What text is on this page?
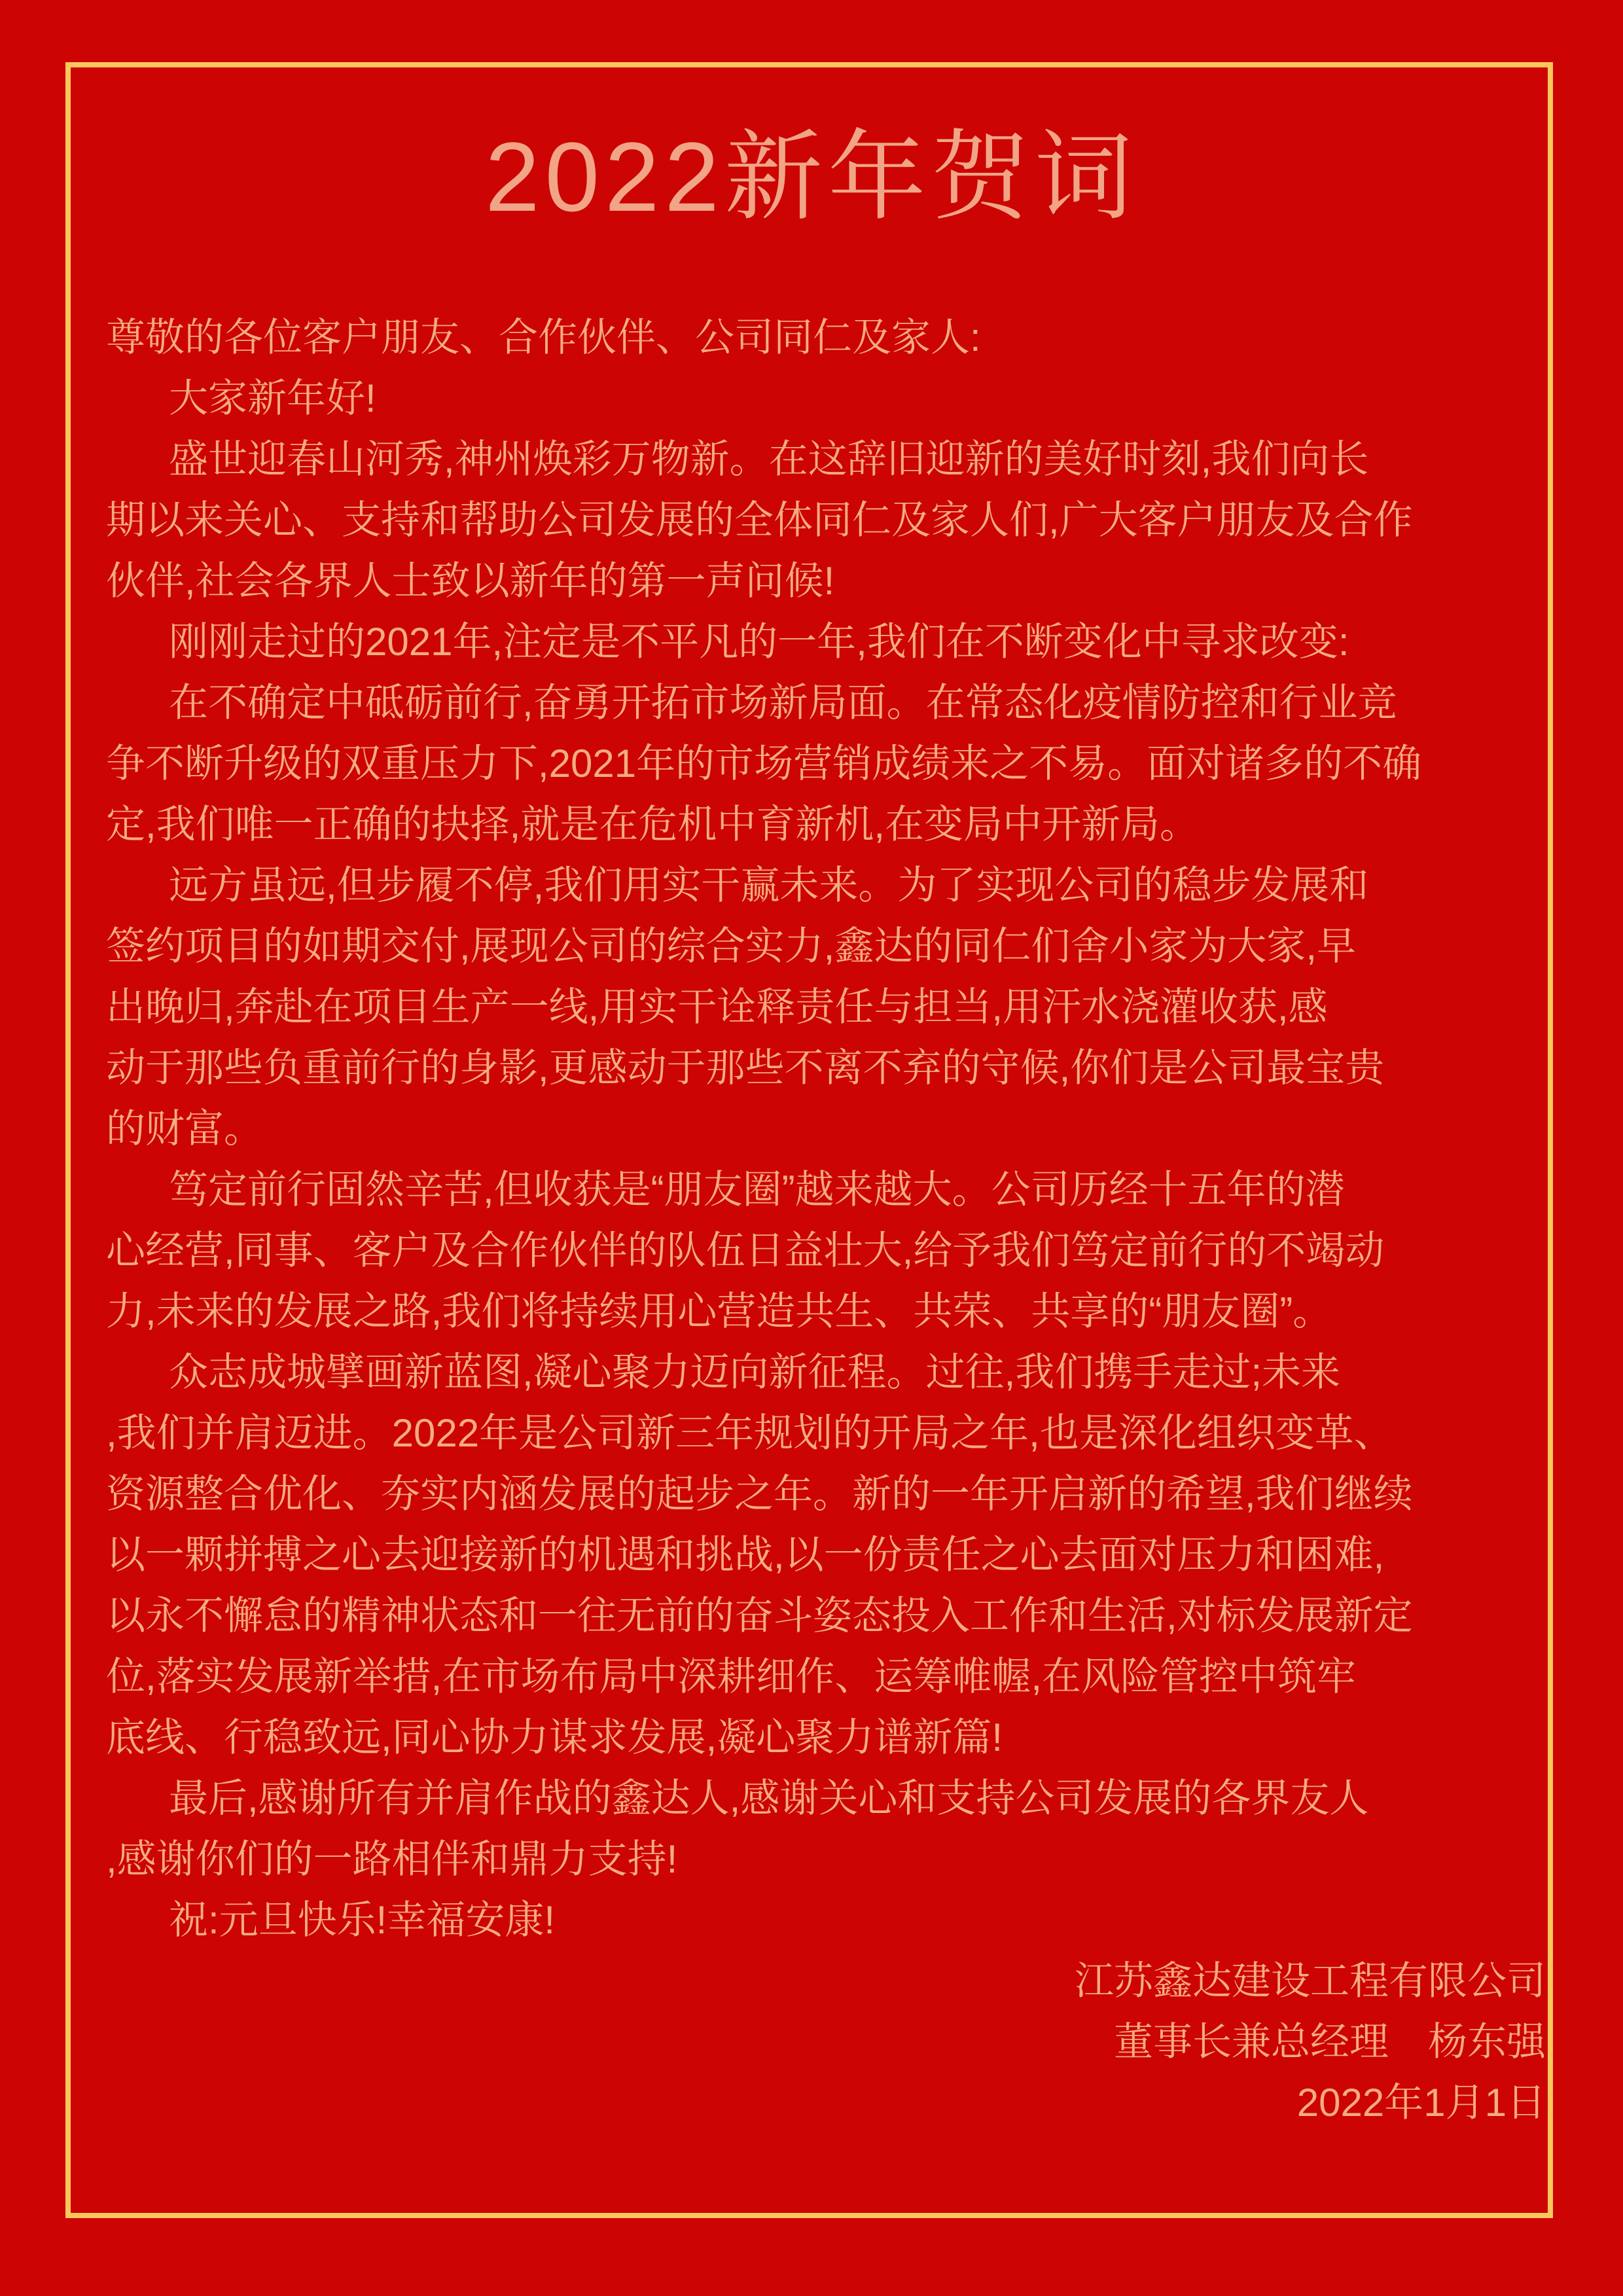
2022新年贺词
尊敬的各位客户朋友、合作伙伴、公司同仁及家人:
大家新年好!
盛世迎春山河秀,神州焕彩万物新。在这辞旧迎新的美好时刻,我们向长
期以来关心、支持和帮助公司发展的全体同仁及家人们,广大客户朋友及合作
伙伴,社会各界人士致以新年的第一声问候!
刚刚走过的2021年,注定是不平凡的一年,我们在不断变化中寻求改变:
在不确定中砥砺前行,奋勇开拓市场新局面。在常态化疫情防控和行业竞
争不断升级的双重压力下,2021年的市场营销成绩来之不易。面对诸多的不确
定,我们唯一正确的抉择,就是在危机中育新机,在变局中开新局。
远方虽远,但步履不停,我们用实干赢未来。为了实现公司的稳步发展和
签约项目的如期交付,展现公司的综合实力,鑫达的同仁们舍小家为大家,早
出晚归,奔赴在项目生产一线,用实干诠释责任与担当,用汗水浇灌收获,感
动于那些负重前行的身影,更感动于那些不离不弃的守候,你们是公司最宝贵
的财富。
笃定前行固然辛苦,但收获是“朋友圈”越来越大。公司历经十五年的潜
心经营,同事、客户及合作伙伴的队伍日益壮大,给予我们笃定前行的不竭动
力,未来的发展之路,我们将持续用心营造共生、共荣、共享的“朋友圈”。
众志成城擘画新蓝图,凝心聚力迈向新征程。过往,我们携手走过;未来
,我们并肩迈进。2022年是公司新三年规划的开局之年,也是深化组织变革、
资源整合优化、夯实内涵发展的起步之年。新的一年开启新的希望,我们继续
以一颗拼搏之心去迎接新的机遇和挑战,以一份责任之心去面对压力和困难,
以永不懈怠的精神状态和一往无前的奋斗姿态投入工作和生活,对标发展新定
位,落实发展新举措,在市场布局中深耕细作、运筹帷幄,在风险管控中筑牢
底线、行稳致远,同心协力谋求发展,凝心聚力谱新篇!
最后,感谢所有并肩作战的鑫达人,感谢关心和支持公司发展的各界友人
,感谢你们的一路相伴和鼎力支持!
祝:元旦快乐!幸福安康!
江苏鑫达建设工程有限公司
董事长兼总经理　杨东强
2022年1月1日
